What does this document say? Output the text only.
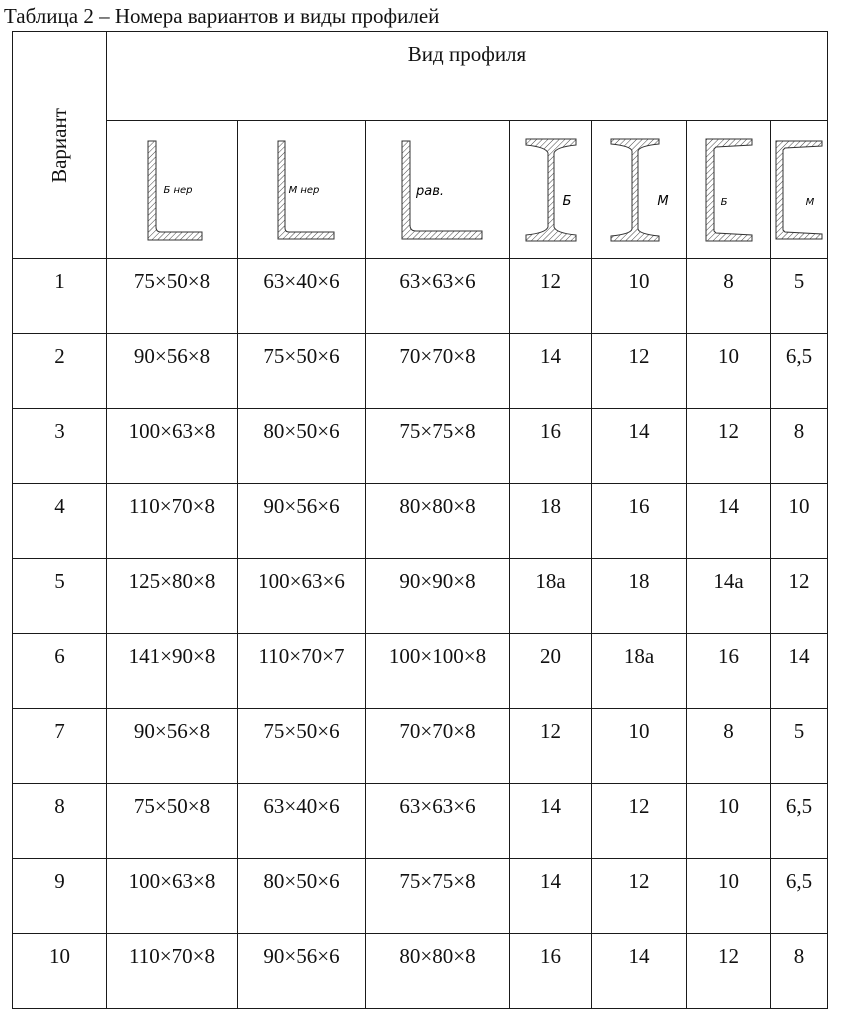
Таблица 2 – Номера вариантов и виды профилей
Вариант	Вид профиля						

Б нер	М нер	рав.	Б	М	Б	М

1	75×50×8	63×40×6	63×63×6	12	10	8	5
2	90×56×8	75×50×6	70×70×8	14	12	10	6,5
3	100×63×8	80×50×6	75×75×8	16	14	12	8
4	110×70×8	90×56×6	80×80×8	18	16	14	10
5	125×80×8	100×63×6	90×90×8	18а	18	14а	12
6	141×90×8	110×70×7	100×100×8	20	18а	16	14
7	90×56×8	75×50×6	70×70×8	12	10	8	5
8	75×50×8	63×40×6	63×63×6	14	12	10	6,5
9	100×63×8	80×50×6	75×75×8	14	12	10	6,5
10	110×70×8	90×56×6	80×80×8	16	14	12	8
